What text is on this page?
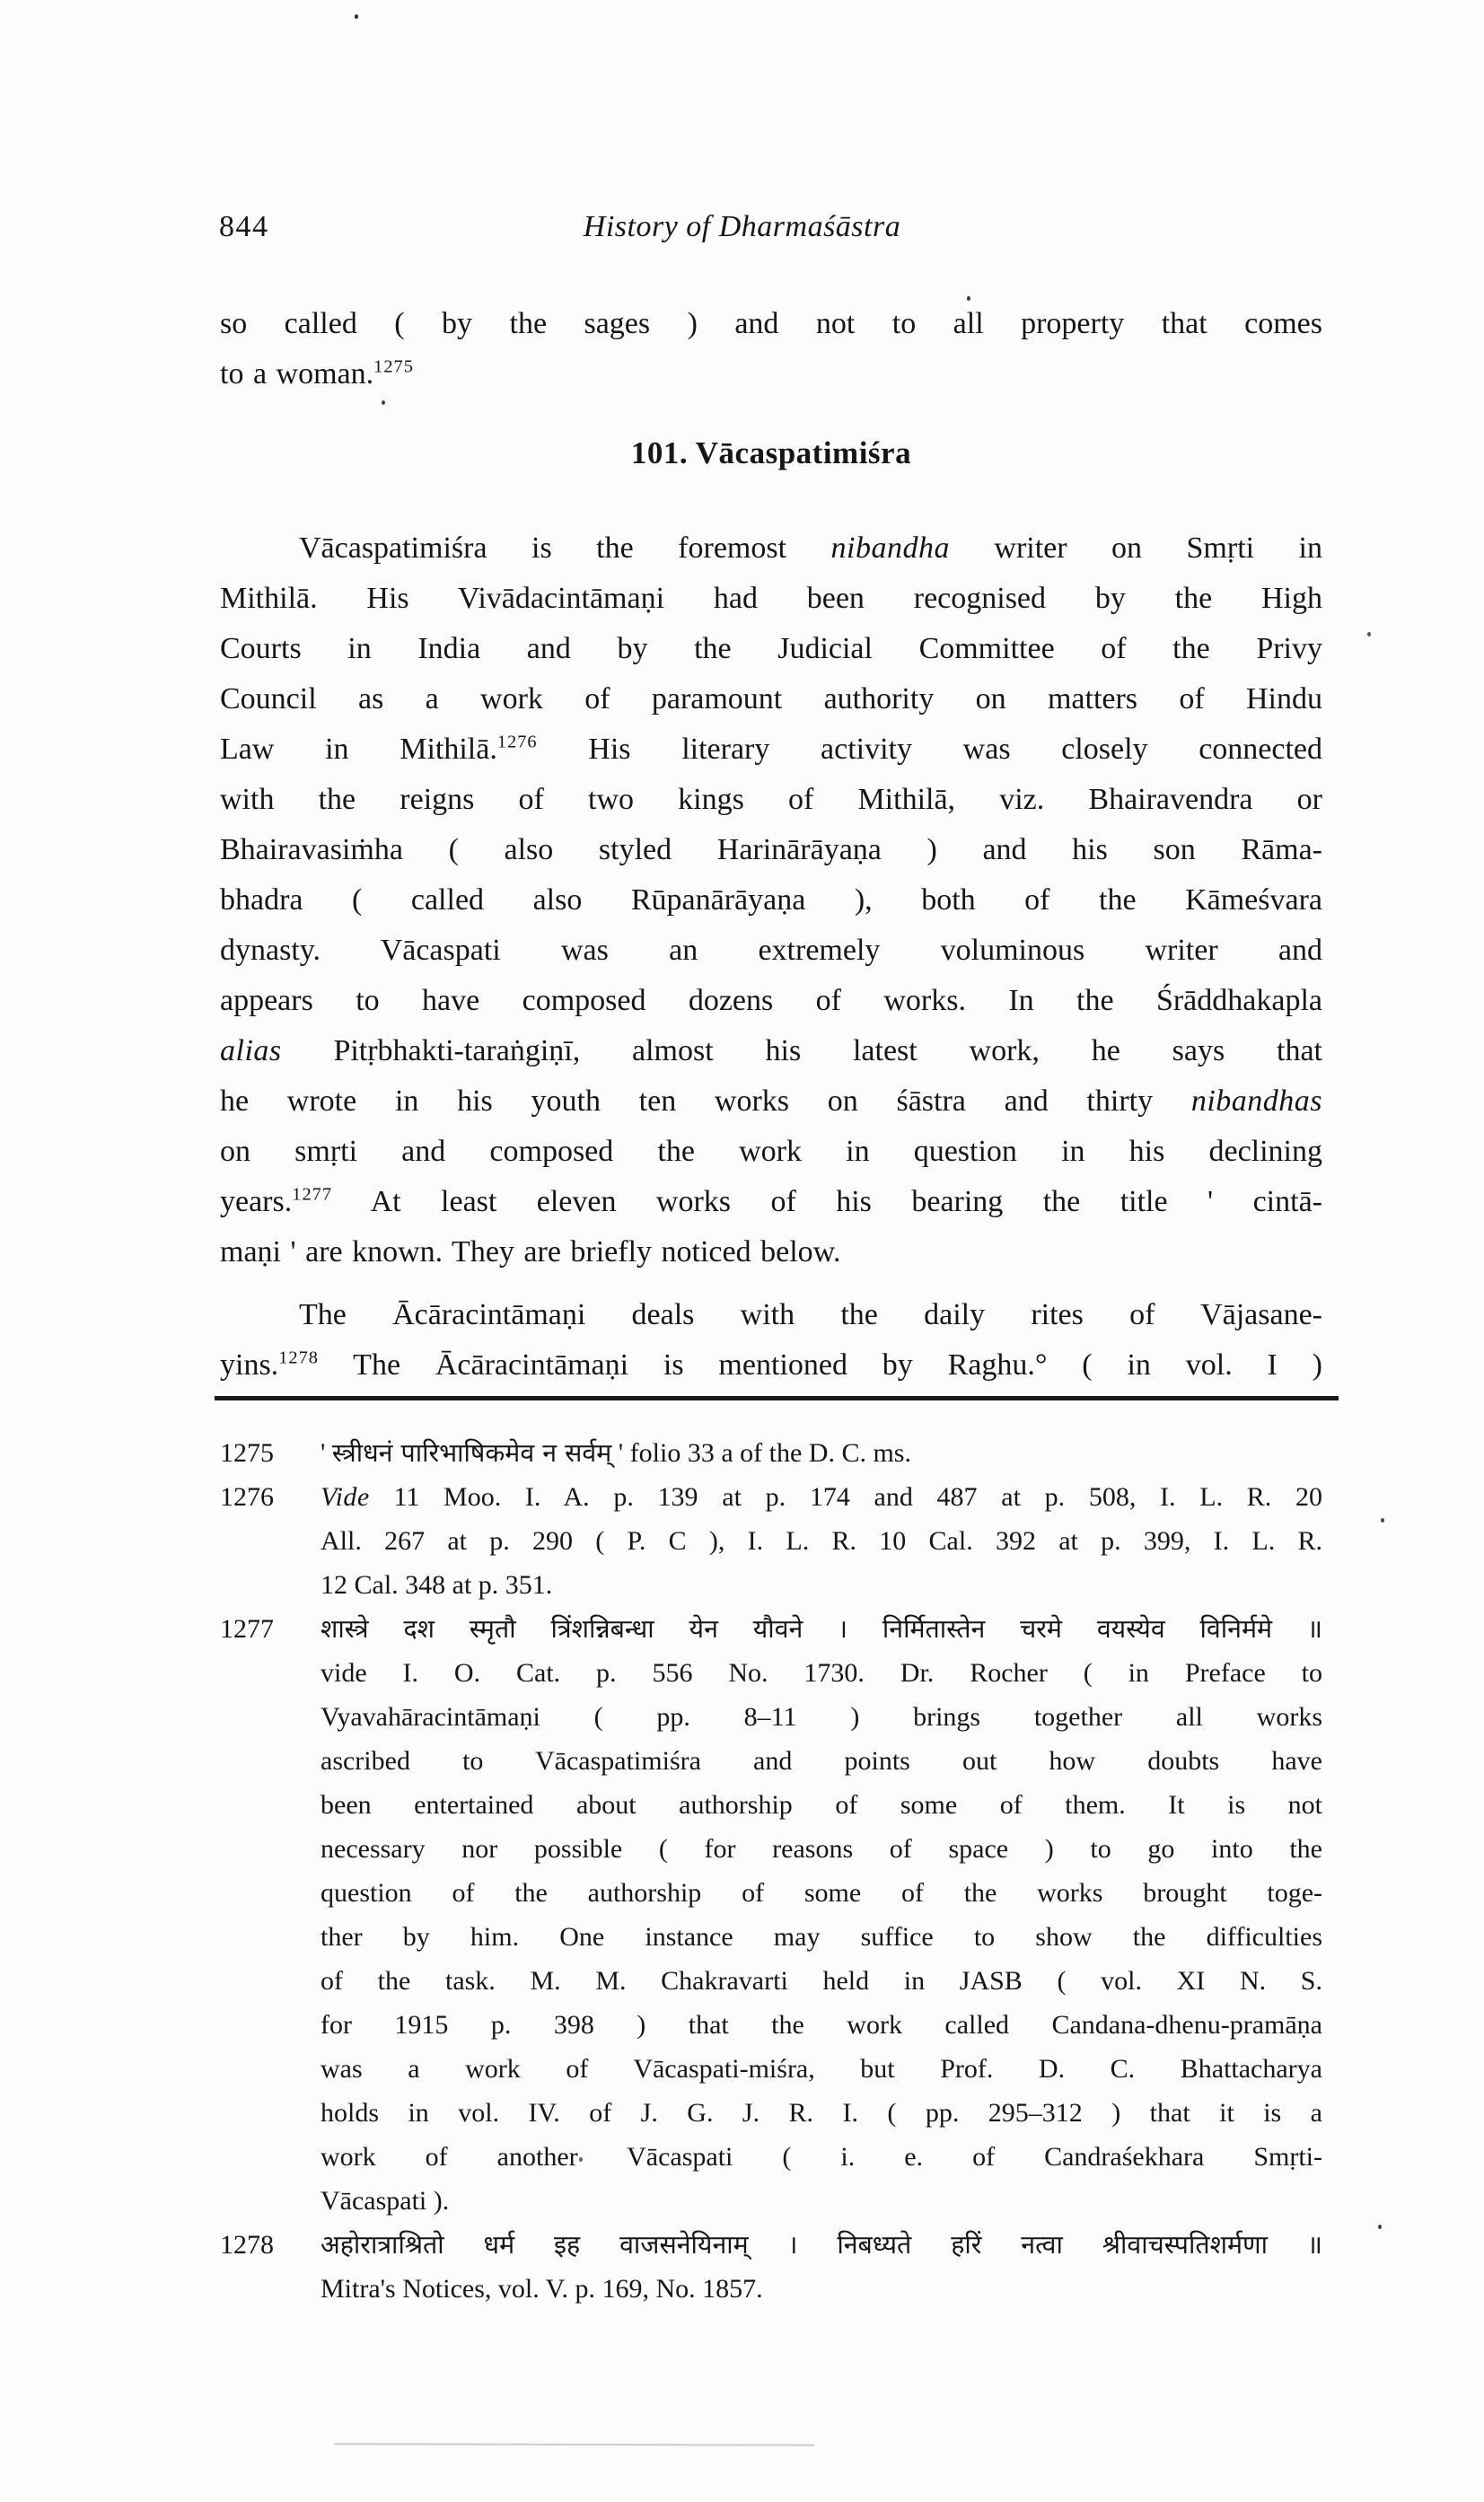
844	History of Dharmaśāstra

so called ( by the sages ) and not to all property that comes
to a woman.$^{1275}$

101. Vācaspatimiśra

Vācaspatimiśra is the foremost nibandha writer on Smṛti in
Mithilā. His Vivādacintāmaṇi had been recognised by the High
Courts in India and by the Judicial Committee of the Privy
Council as a work of paramount authority on matters of Hindu
Law in Mithilā.$^{1276}$ His literary activity was closely connected
with the reigns of two kings of Mithilā, viz. Bhairavendra or
Bhairavasiṁha ( also styled Harinārāyaṇa ) and his son Rāma-
bhadra ( called also Rūpanārāyaṇa ), both of the Kāmeśvara
dynasty. Vācaspati was an extremely voluminous writer and
appears to have composed dozens of works. In the Śrāddhakapla
alias Pitṛbhakti-taraṅgiṇī, almost his latest work, he says that
he wrote in his youth ten works on śāstra and thirty nibandhas
on smṛti and composed the work in question in his declining
years.$^{1277}$ At least eleven works of his bearing the title ' cintā-
maṇi ' are known. They are briefly noticed below.

The Ācāracintāmaṇi deals with the daily rites of Vājasane-
yins.$^{1278}$ The Ācāracintāmaṇi is mentioned by Raghu.° ( in vol. I )

1275	' स्त्रीधनं पारिभाषिकमेव न सर्वम् ' folio 33 a of the D. C. ms.
1276	Vide 11 Moo. I. A. p. 139 at p. 174 and 487 at p. 508, I. L. R. 20
All. 267 at p. 290 ( P. C ), I. L. R. 10 Cal. 392 at p. 399, I. L. R.
12 Cal. 348 at p. 351.
1277	शास्त्रे दश स्मृतौ त्रिंशन्निबन्धा येन यौवने । निर्मितास्तेन चरमे वयस्येव विनिर्ममे ॥
vide I. O. Cat. p. 556 No. 1730. Dr. Rocher ( in Preface to
Vyavahāracintāmaṇi ( pp. 8–11 ) brings together all works
ascribed to Vācaspatimiśra and points out how doubts have
been entertained about authorship of some of them. It is not
necessary nor possible ( for reasons of space ) to go into the
question of the authorship of some of the works brought toge-
ther by him. One instance may suffice to show the difficulties
of the task. M. M. Chakravarti held in JASB ( vol. XI N. S.
for 1915 p. 398 ) that the work called Candana-dhenu-pramāṇa
was a work of Vācaspati-miśra, but Prof. D. C. Bhattacharya
holds in vol. IV. of J. G. J. R. I. ( pp. 295–312 ) that it is a
work of another Vācaspati ( i. e. of Candraśekhara Smṛti-
Vācaspati ).
1278	अहोरात्राश्रितो धर्म इह वाजसनेयिनाम् । निबध्यते हरिं नत्वा श्रीवाचस्पतिशर्मणा ॥
Mitra's Notices, vol. V. p. 169, No. 1857.
